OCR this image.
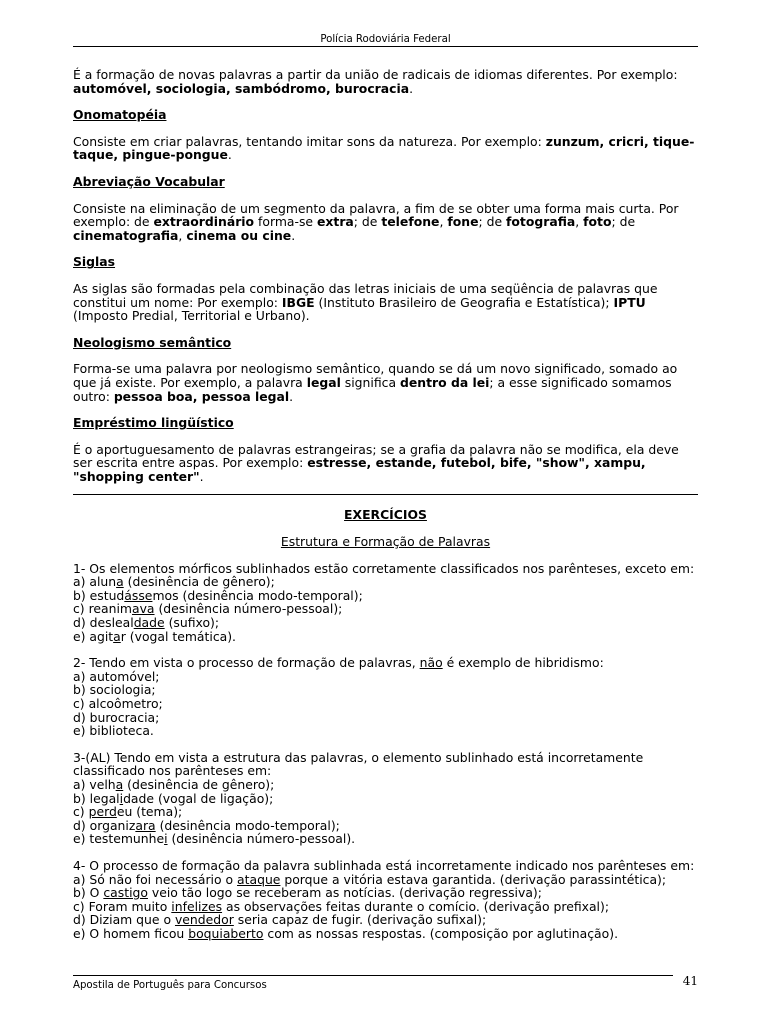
Polícia Rodoviária Federal

É a formação de novas palavras a partir da união de radicais de idiomas diferentes. Por exemplo:
automóvel, sociologia, sambódromo, burocracia.

Onomatopéia

Consiste em criar palavras, tentando imitar sons da natureza. Por exemplo: zunzum, cricri, tique-taque, pingue-pongue.

Abreviação Vocabular

Consiste na eliminação de um segmento da palavra, a fim de se obter uma forma mais curta. Por exemplo: de extraordinário forma-se extra; de telefone, fone; de fotografia, foto; de cinematografia, cinema ou cine.

Siglas

As siglas são formadas pela combinação das letras iniciais de uma seqüência de palavras que constitui um nome: Por exemplo: IBGE (Instituto Brasileiro de Geografia e Estatística); IPTU (Imposto Predial, Territorial e Urbano).

Neologismo semântico

Forma-se uma palavra por neologismo semântico, quando se dá um novo significado, somado ao que já existe. Por exemplo, a palavra legal significa dentro da lei; a esse significado somamos outro: pessoa boa, pessoa legal.

Empréstimo lingüístico

É o aportuguesamento de palavras estrangeiras; se a grafia da palavra não se modifica, ela deve ser escrita entre aspas. Por exemplo: estresse, estande, futebol, bife, "show", xampu, "shopping center".

EXERCÍCIOS

Estrutura e Formação de Palavras

1- Os elementos mórficos sublinhados estão corretamente classificados nos parênteses, exceto em:
a) aluna (desinência de gênero);
b) estudássemos (desinência modo-temporal);
c) reanimava (desinência número-pessoal);
d) deslealdade (sufixo);
e) agitar (vogal temática).
2- Tendo em vista o processo de formação de palavras, não é exemplo de hibridismo:
a) automóvel;
b) sociologia;
c) alcoômetro;
d) burocracia;
e) biblioteca.
3-(AL) Tendo em vista a estrutura das palavras, o elemento sublinhado está incorretamente classificado nos parênteses em:
a) velha (desinência de gênero);
b) legalidade (vogal de ligação);
c) perdeu (tema);
d) organizara (desinência modo-temporal);
e) testemunhei (desinência número-pessoal).
4- O processo de formação da palavra sublinhada está incorretamente indicado nos parênteses em:
a) Só não foi necessário o ataque porque a vitória estava garantida. (derivação parassintética);
b) O castigo veio tão logo se receberam as notícias. (derivação regressiva);
c) Foram muito infelizes as observações feitas durante o comício. (derivação prefixal);
d) Diziam que o vendedor seria capaz de fugir. (derivação sufixal);
e) O homem ficou boquiaberto com as nossas respostas. (composição por aglutinação).
Apostila de Português para Concursos	41
